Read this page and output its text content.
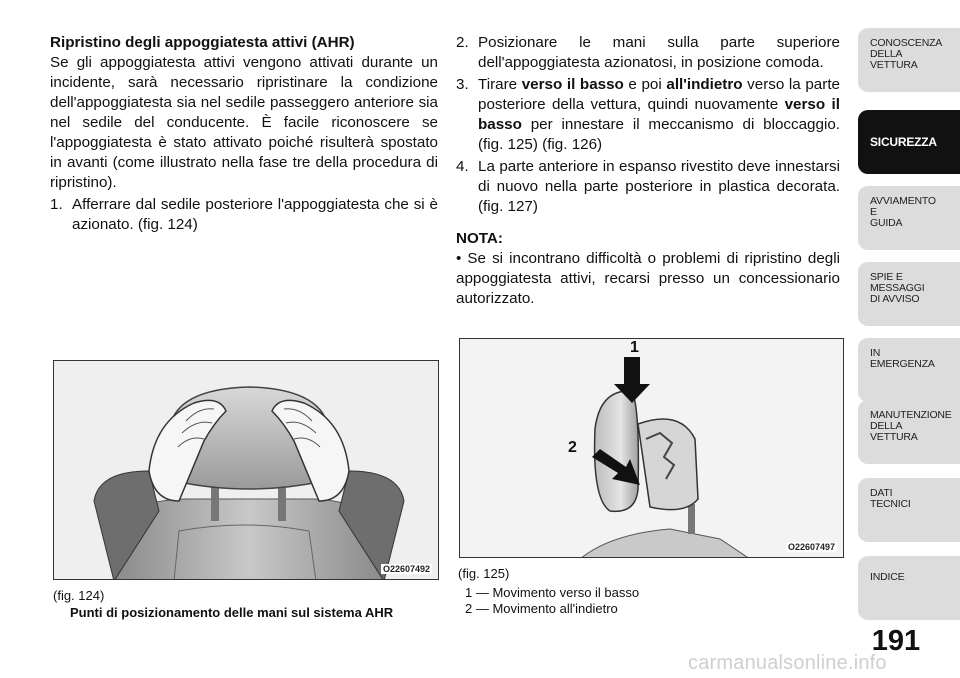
Ripristino degli appoggiatesta attivi (AHR)

Se gli appoggiatesta attivi vengono attivati durante un incidente, sarà necessario ripristinare la condizione dell'appoggiatesta sia nel sedile passeggero anteriore sia nel sedile del conducente. È facile riconoscere se l'appoggiatesta è stato attivato poiché risulterà spostato in avanti (come illustrato nella fase tre della procedura di ripristino).

1. Afferrare dal sedile posteriore l'appoggiatesta che si è azionato. (fig. 124)
2. Posizionare le mani sulla parte superiore dell'appoggiatesta azionatosi, in posizione comoda.
3. Tirare verso il basso e poi all'indietro verso la parte posteriore della vettura, quindi nuovamente verso il basso per innestare il meccanismo di bloccaggio. (fig. 125) (fig. 126)
4. La parte anteriore in espanso rivestito deve innestarsi di nuovo nella parte posteriore in plastica decorata. (fig. 127)
NOTA:

• Se si incontrano difficoltà o problemi di ripristino degli appoggiatesta attivi, recarsi presso un concessionario autorizzato.

O22607492
(fig. 124)
Punti di posizionamento delle mani sul sistema AHR
1
2
O22607497
(fig. 125)
1 — Movimento verso il basso
2 — Movimento all'indietro
CONOSCENZA
DELLA
VETTURA
SICUREZZA
AVVIAMENTO
E
GUIDA
SPIE E
MESSAGGI
DI AVVISO
IN
EMERGENZA
MANUTENZIONE
DELLA
VETTURA
DATI
TECNICI
INDICE
191
carmanualsonline.info
